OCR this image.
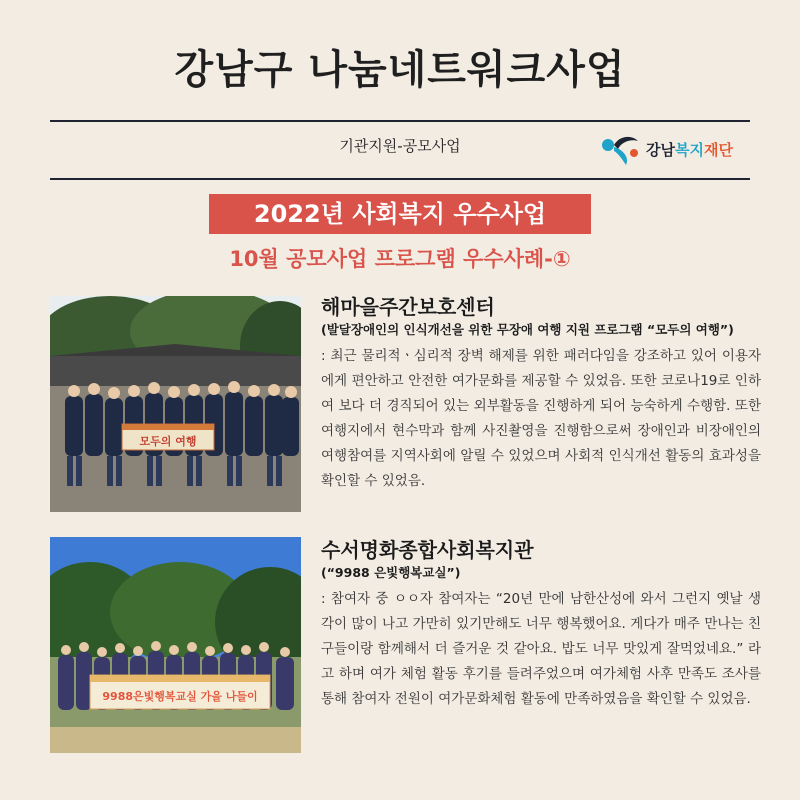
강남구 나눔네트워크사업
기관지원-공모사업	강남복지재단
2022년 사회복지 우수사업
10월 공모사업 프로그램 우수사례-①
모두의 여행
해마을주간보호센터
(발달장애인의 인식개선을 위한 무장애 여행 지원 프로그램 “모두의 여행”)
: 최근 물리적ㆍ심리적 장벽 해제를 위한 패러다임을 강조하고 있어 이용자에게 편안하고 안전한 여가문화를 제공할 수 있었음. 또한 코로나19로 인하여 보다 더 경직되어 있는 외부활동을 진행하게 되어 능숙하게 수행함. 또한 여행지에서 현수막과 함께 사진촬영을 진행함으로써 장애인과 비장애인의 여행참여를 지역사회에 알릴 수 있었으며 사회적 인식개선 활동의 효과성을 확인할 수 있었음.
9988은빛행복교실 가을 나들이
수서명화종합사회복지관
(“9988 은빛행복교실”)
: 참여자 중 ㅇㅇ자 참여자는 “20년 만에 남한산성에 와서 그런지 옛날 생각이 많이 나고 가만히 있기만해도 너무 행복했어요. 게다가 매주 만나는 친구들이랑 함께해서 더 즐거운 것 같아요. 밥도 너무 맛있게 잘먹었네요.” 라고 하며 여가 체험 활동 후기를 들려주었으며 여가체험 사후 만족도 조사를 통해 참여자 전원이 여가문화체험 활동에 만족하였음을 확인할 수 있었음.
